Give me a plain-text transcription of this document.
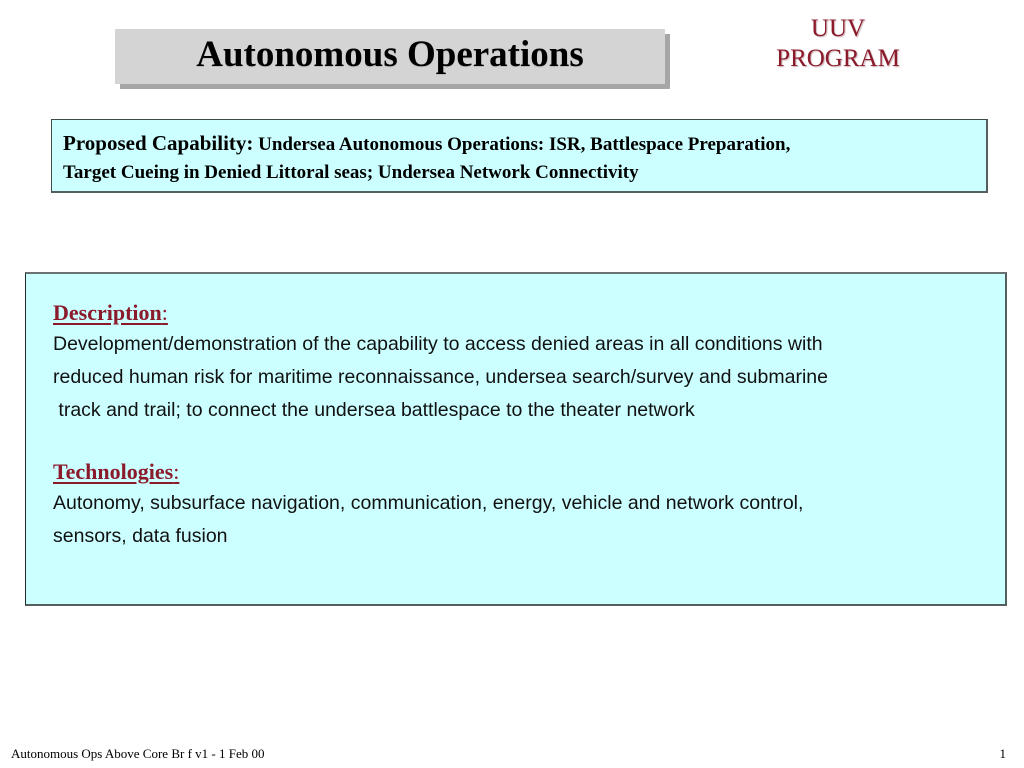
Autonomous Operations
UUV
PROGRAM
Proposed Capability: Undersea Autonomous Operations: ISR, Battlespace Preparation,
Target Cueing in Denied Littoral seas; Undersea Network Connectivity
Description:
Development/demonstration of the capability to access denied areas in all conditions with
reduced human risk for maritime reconnaissance, undersea search/survey and submarine
track and trail; to connect the undersea battlespace to the theater network
Technologies:
Autonomy, subsurface navigation, communication, energy, vehicle and network control,
sensors, data fusion
Autonomous Ops Above Core Br f v1 - 1 Feb 00	1
